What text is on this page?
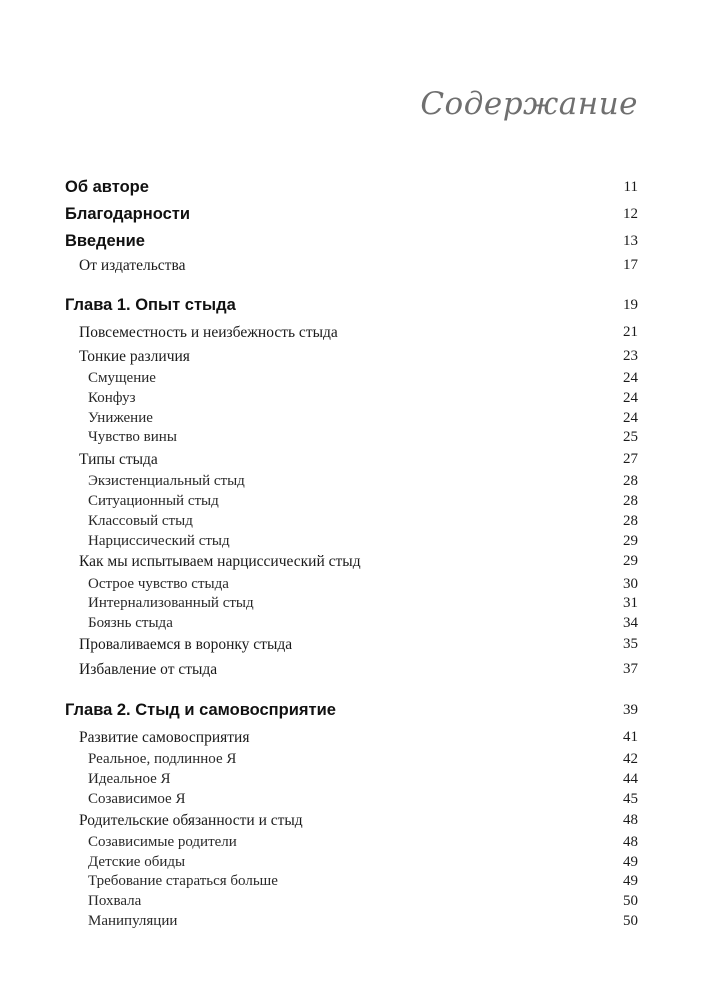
Содержание
Об авторе	11
Благодарности	12
Введение	13
От издательства	17
Глава 1. Опыт стыда	19
Повсеместность и неизбежность стыда	21
Тонкие различия	23
Смущение	24
Конфуз	24
Унижение	24
Чувство вины	25
Типы стыда	27
Экзистенциальный стыд	28
Ситуационный стыд	28
Классовый стыд	28
Нарциссический стыд	29
Как мы испытываем нарциссический стыд	29
Острое чувство стыда	30
Интернализованный стыд	31
Боязнь стыда	34
Проваливаемся в воронку стыда	35
Избавление от стыда	37
Глава 2. Стыд и самовосприятие	39
Развитие самовосприятия	41
Реальное, подлинное Я	42
Идеальное Я	44
Созависимое Я	45
Родительские обязанности и стыд	48
Созависимые родители	48
Детские обиды	49
Требование стараться больше	49
Похвала	50
Манипуляции	50
